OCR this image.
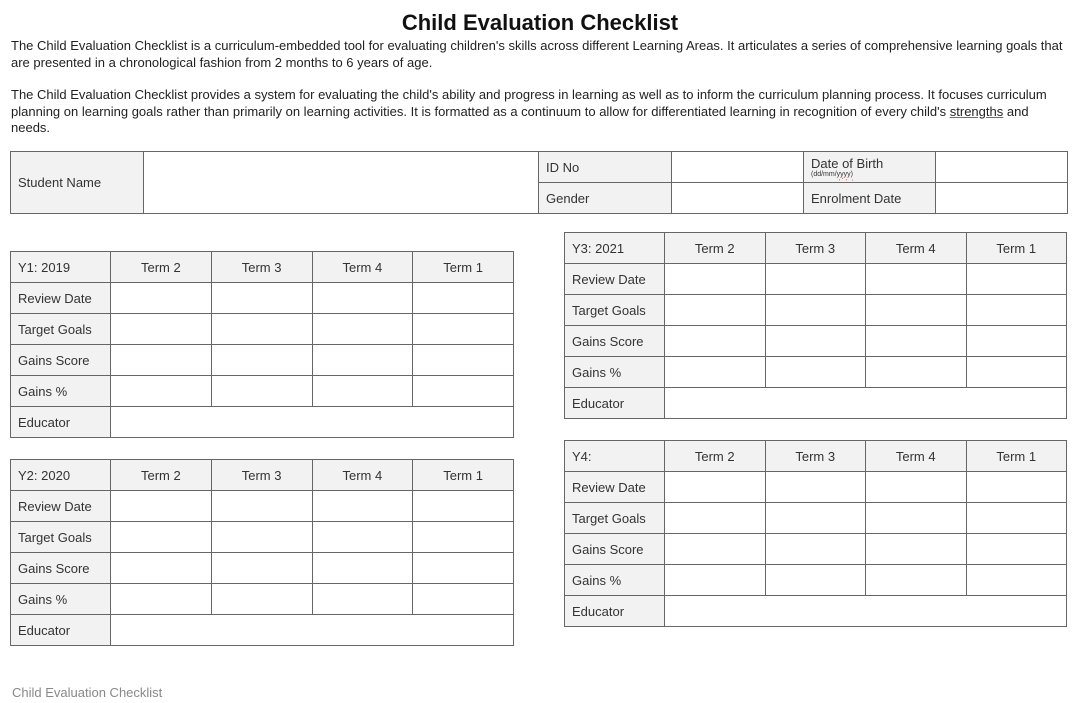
Child Evaluation Checklist
The Child Evaluation Checklist is a curriculum-embedded tool for evaluating children's skills across different Learning Areas. It articulates a series of comprehensive learning goals that are presented in a chronological fashion from 2 months to 6 years of age.
The Child Evaluation Checklist provides a system for evaluating the child's ability and progress in learning as well as to inform the curriculum planning process. It focuses curriculum planning on learning goals rather than primarily on learning activities. It is formatted as a continuum to allow for differentiated learning in recognition of every child's strengths and needs.
Student Name		ID No		Date of Birth
(dd/mm/yyyy)	

		Gender		Enrolment Date	
Y1: 2019	Term 2	Term 3	Term 4	Term 1
Review Date				
Target Goals				
Gains Score				
Gains %				
Educator				
Y2: 2020	Term 2	Term 3	Term 4	Term 1
Review Date				
Target Goals				
Gains Score				
Gains %				
Educator				
Y3: 2021	Term 2	Term 3	Term 4	Term 1
Review Date				
Target Goals				
Gains Score				
Gains %				
Educator				
Y4:	Term 2	Term 3	Term 4	Term 1
Review Date				
Target Goals				
Gains Score				
Gains %				
Educator				
Child Evaluation Checklist
